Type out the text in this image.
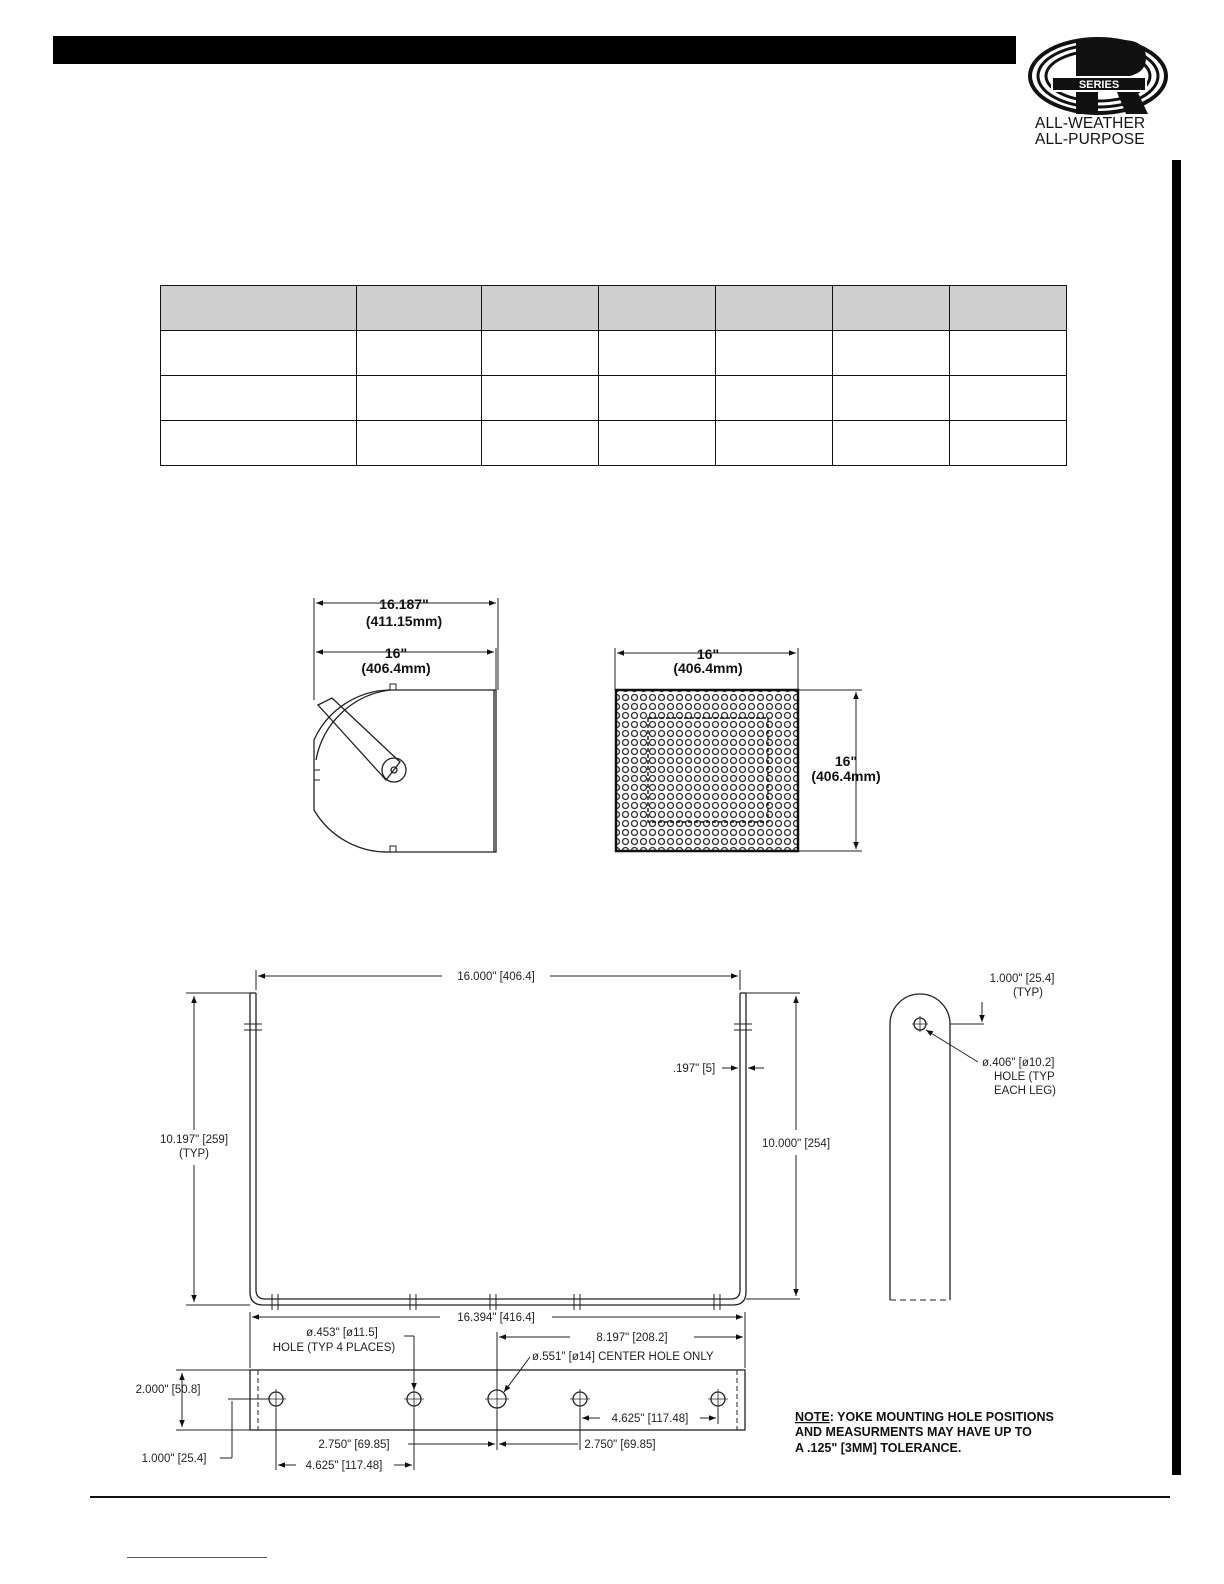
SERIES
ALL-WEATHER
ALL-PURPOSE

16.187"
(411.15mm)
16"
(406.4mm)
16"
(406.4mm)
16"
(406.4mm)
16.000" [406.4]
10.197" [259]
(TYP)
.197" [5]
10.000" [254]
1.000" [25.4]
(TYP)
ø.406" [ø10.2]
HOLE (TYP
EACH LEG)
16.394" [416.4]
ø.453" [ø11.5]
HOLE (TYP 4 PLACES)
8.197" [208.2]
ø.551" [ø14] CENTER HOLE ONLY
2.000" [50.8]
1.000" [25.4]
4.625" [117.48]
2.750" [69.85]	2.750" [69.85]
4.625" [117.48]
NOTE: YOKE MOUNTING HOLE POSITIONS
AND MEASURMENTS MAY HAVE UP TO
A .125" [3MM] TOLERANCE.
